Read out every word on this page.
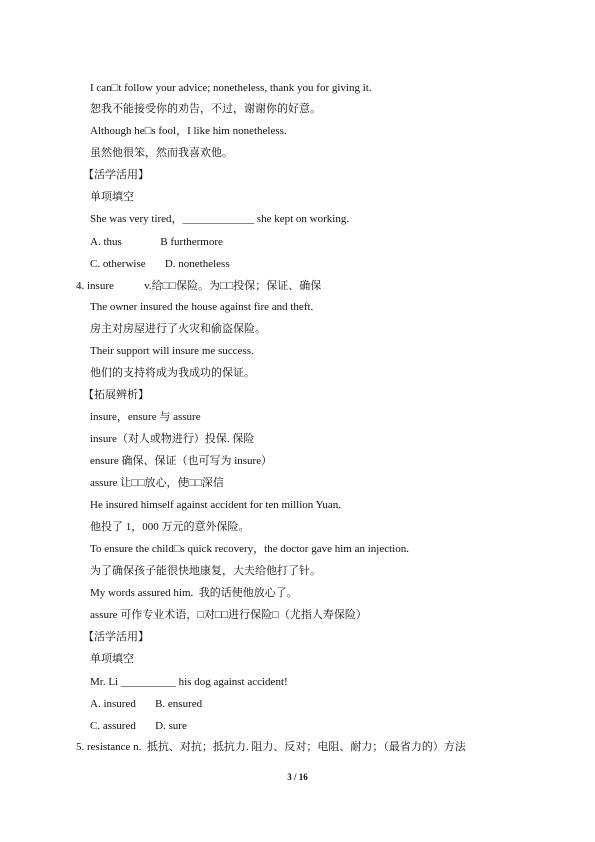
I can□t follow your advice; nonetheless, thank you for giving it.
恕我不能接受你的劝告，不过，谢谢你的好意。
Although he□s fool，I like him nonetheless.
虽然他很笨，然而我喜欢他。
【活学活用】
单项填空
She was very tired，_____________ she kept on working.
A. thus              B furthermore
C. otherwise       D. nonetheless
4. insure           v.给□□保险。为□□投保；保证、确保
The owner insured the house against fire and theft.
房主对房屋进行了火灾和偷盗保险。
Their support will insure me success.
他们的支持将成为我成功的保证。
【拓展辨析】
insure，ensure 与 assure
insure（对人或物进行）投保. 保险
ensure 确保、保证（也可写为 insure）
assure 让□□放心，使□□深信
He insured himself against accident for ten million Yuan.
他投了 1，000 万元的意外保险。
To ensure the child□s quick recovery，the doctor gave him an injection.
为了确保孩子能很快地康复，大夫给他打了针。
My words assured him.  我的话使他放心了。
assure 可作专业术语，□对□□进行保险□（尤指人寿保险）
【活学活用】
单项填空
Mr. Li __________ his dog against accident!
A. insured       B. ensured
C. assured       D. sure
5. resistance n.  抵抗、对抗；抵抗力. 阻力、反对；电阻、耐力；（最省力的）方法
3 / 16
